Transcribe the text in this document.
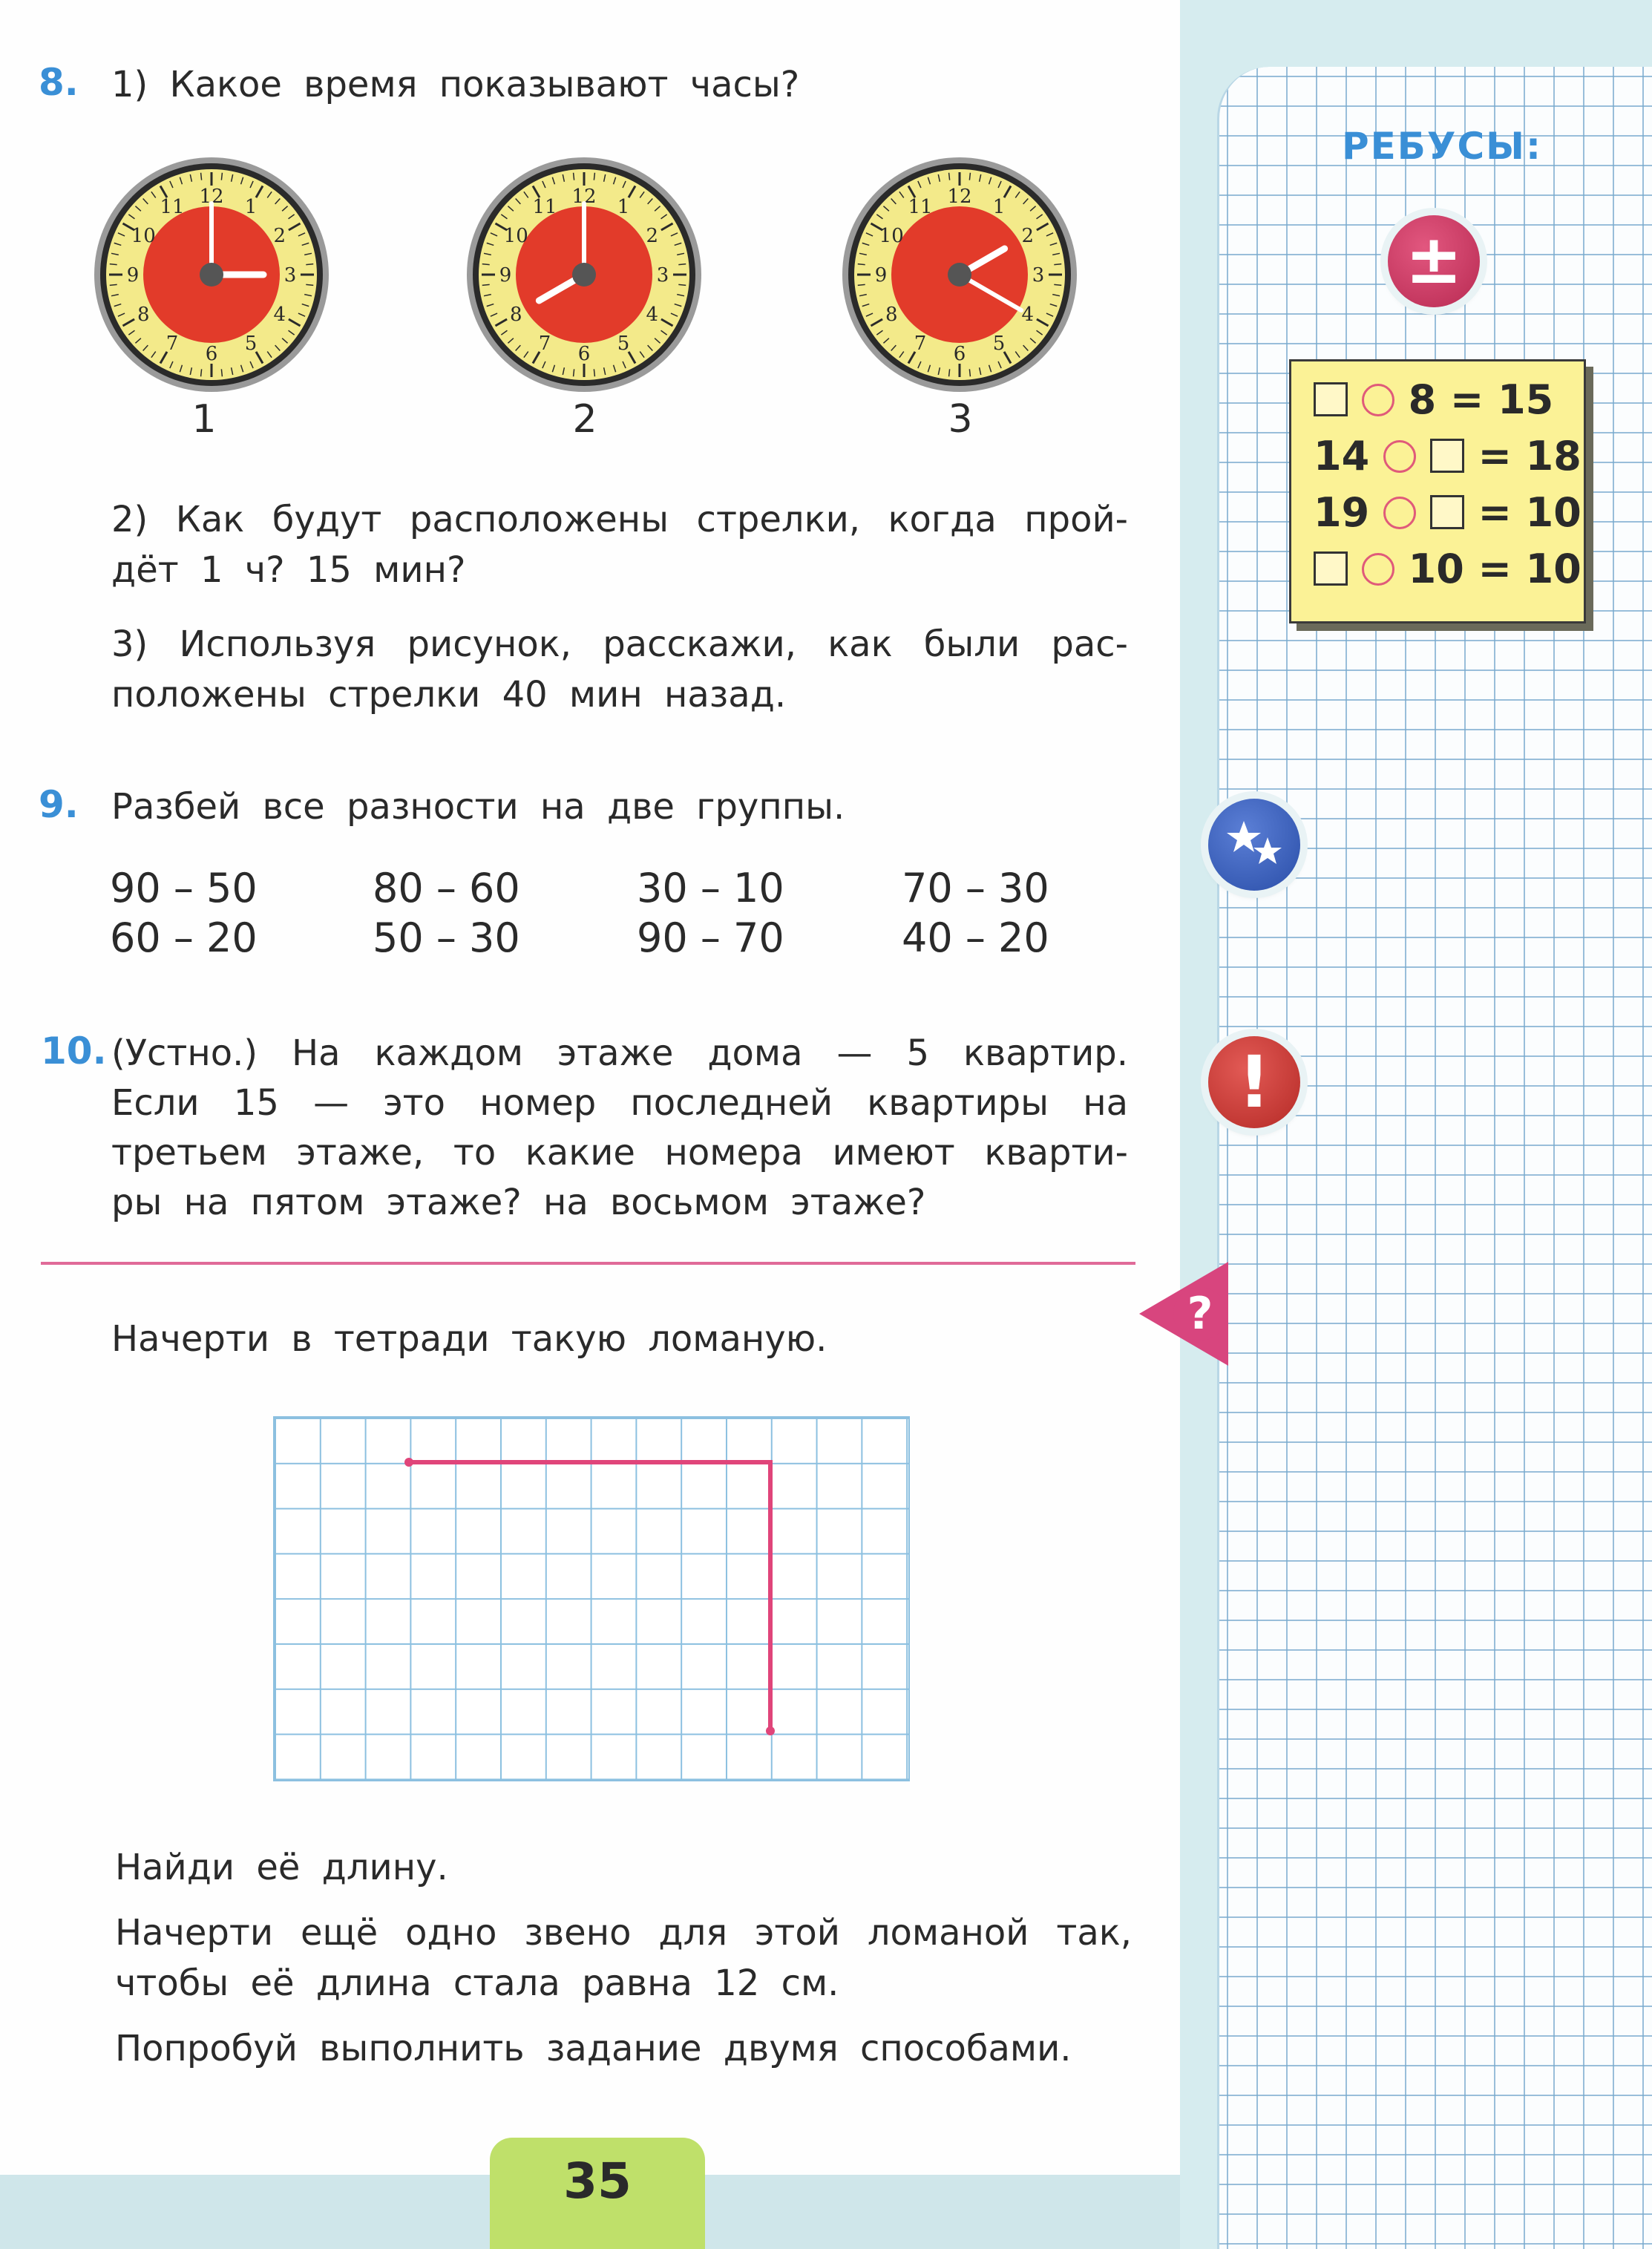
8. 1) Какое время показывают часы?
12 1
2
3
4
5
6
7
8
9
10
11	12 1
2
3
4
5
6
7
8
9
10
11	12 1
2
3
4
5
6
7
8
9
10
11
1	2	3
2) Как будут расположены стрелки, когда прой-
дёт 1 ч? 15 мин?
3) Используя рисунок, расскажи, как были рас-
положены стрелки 40 мин назад.
9. Разбей все разности на две группы.
90 – 50	80 – 60	30 – 10	70 – 30
60 – 20	50 – 30	90 – 70	40 – 20
10. (Устно.) На каждом этаже дома — 5 квартир.
Если 15 — это номер последней квартиры на
третьем этаже, то какие номера имеют кварти-
ры на пятом этаже? на восьмом этаже?
?
Начерти в тетради такую ломаную.
Найди её длину.
Начерти ещё одно звено для этой ломаной так,
чтобы её длина стала равна 12 см.
Попробуй выполнить задание двумя способами.
35
РЕБУСЫ:
±
8 = 15
14	= 18
19	= 10
10 = 10
!
